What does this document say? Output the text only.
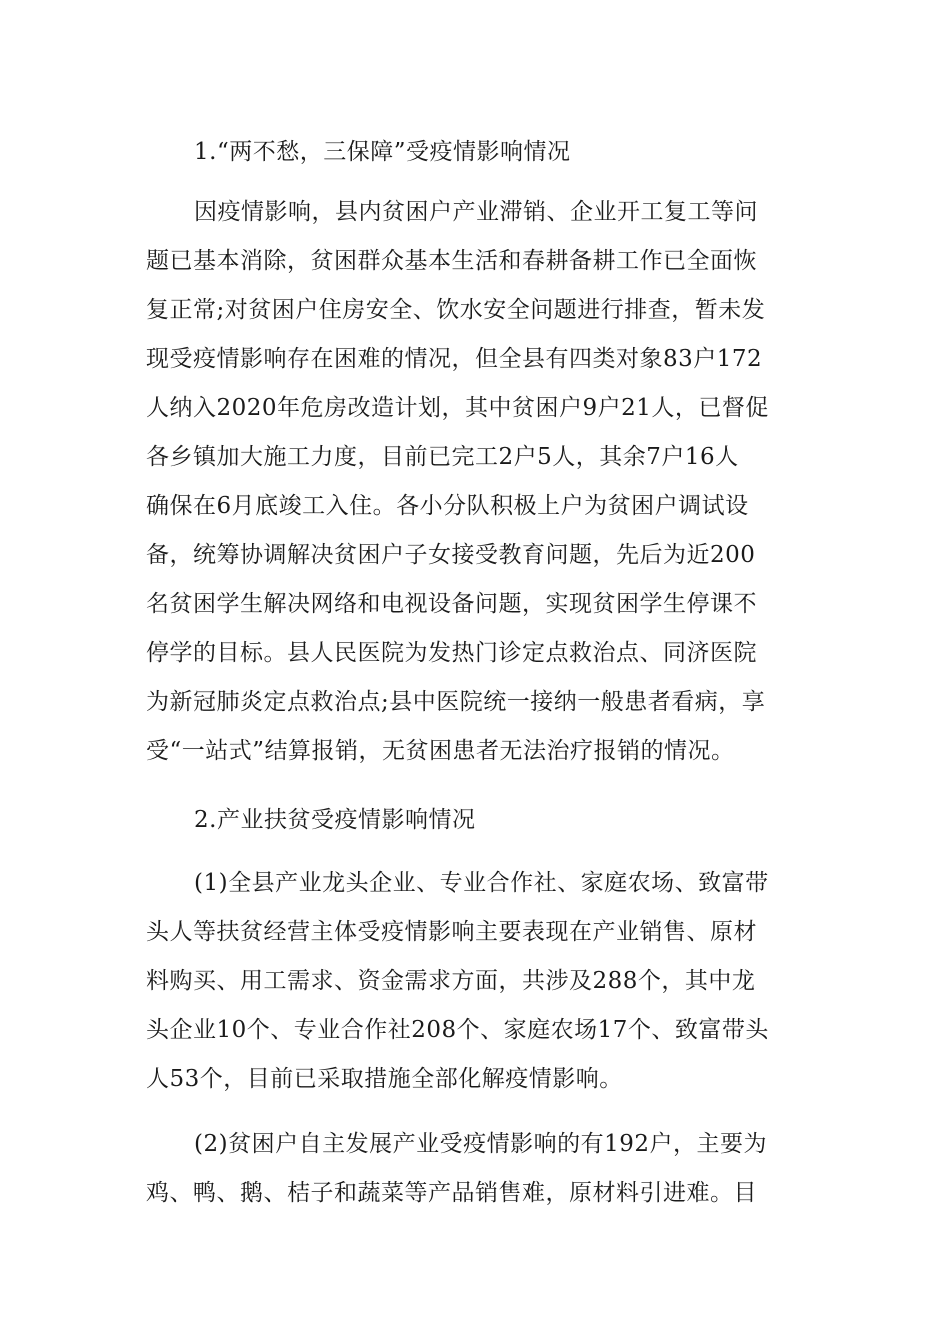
1.“两不愁，三保障”受疫情影响情况

因疫情影响，县内贫困户产业滞销、企业开工复工等问

题已基本消除，贫困群众基本生活和春耕备耕工作已全面恢

复正常;对贫困户住房安全、饮水安全问题进行排查，暂未发

现受疫情影响存在困难的情况，但全县有四类对象83户172

人纳入2020年危房改造计划，其中贫困户9户21人，已督促

各乡镇加大施工力度，目前已完工2户5人，其余7户16人

确保在6月底竣工入住。各小分队积极上户为贫困户调试设

备，统筹协调解决贫困户子女接受教育问题，先后为近200

名贫困学生解决网络和电视设备问题，实现贫困学生停课不

停学的目标。县人民医院为发热门诊定点救治点、同济医院

为新冠肺炎定点救治点;县中医院统一接纳一般患者看病，享

受“一站式”结算报销，无贫困患者无法治疗报销的情况。

2.产业扶贫受疫情影响情况

(1)全县产业龙头企业、专业合作社、家庭农场、致富带

头人等扶贫经营主体受疫情影响主要表现在产业销售、原材

料购买、用工需求、资金需求方面，共涉及288个，其中龙

头企业10个、专业合作社208个、家庭农场17个、致富带头

人53个，目前已采取措施全部化解疫情影响。

(2)贫困户自主发展产业受疫情影响的有192户，主要为

鸡、鸭、鹅、桔子和蔬菜等产品销售难，原材料引进难。目
